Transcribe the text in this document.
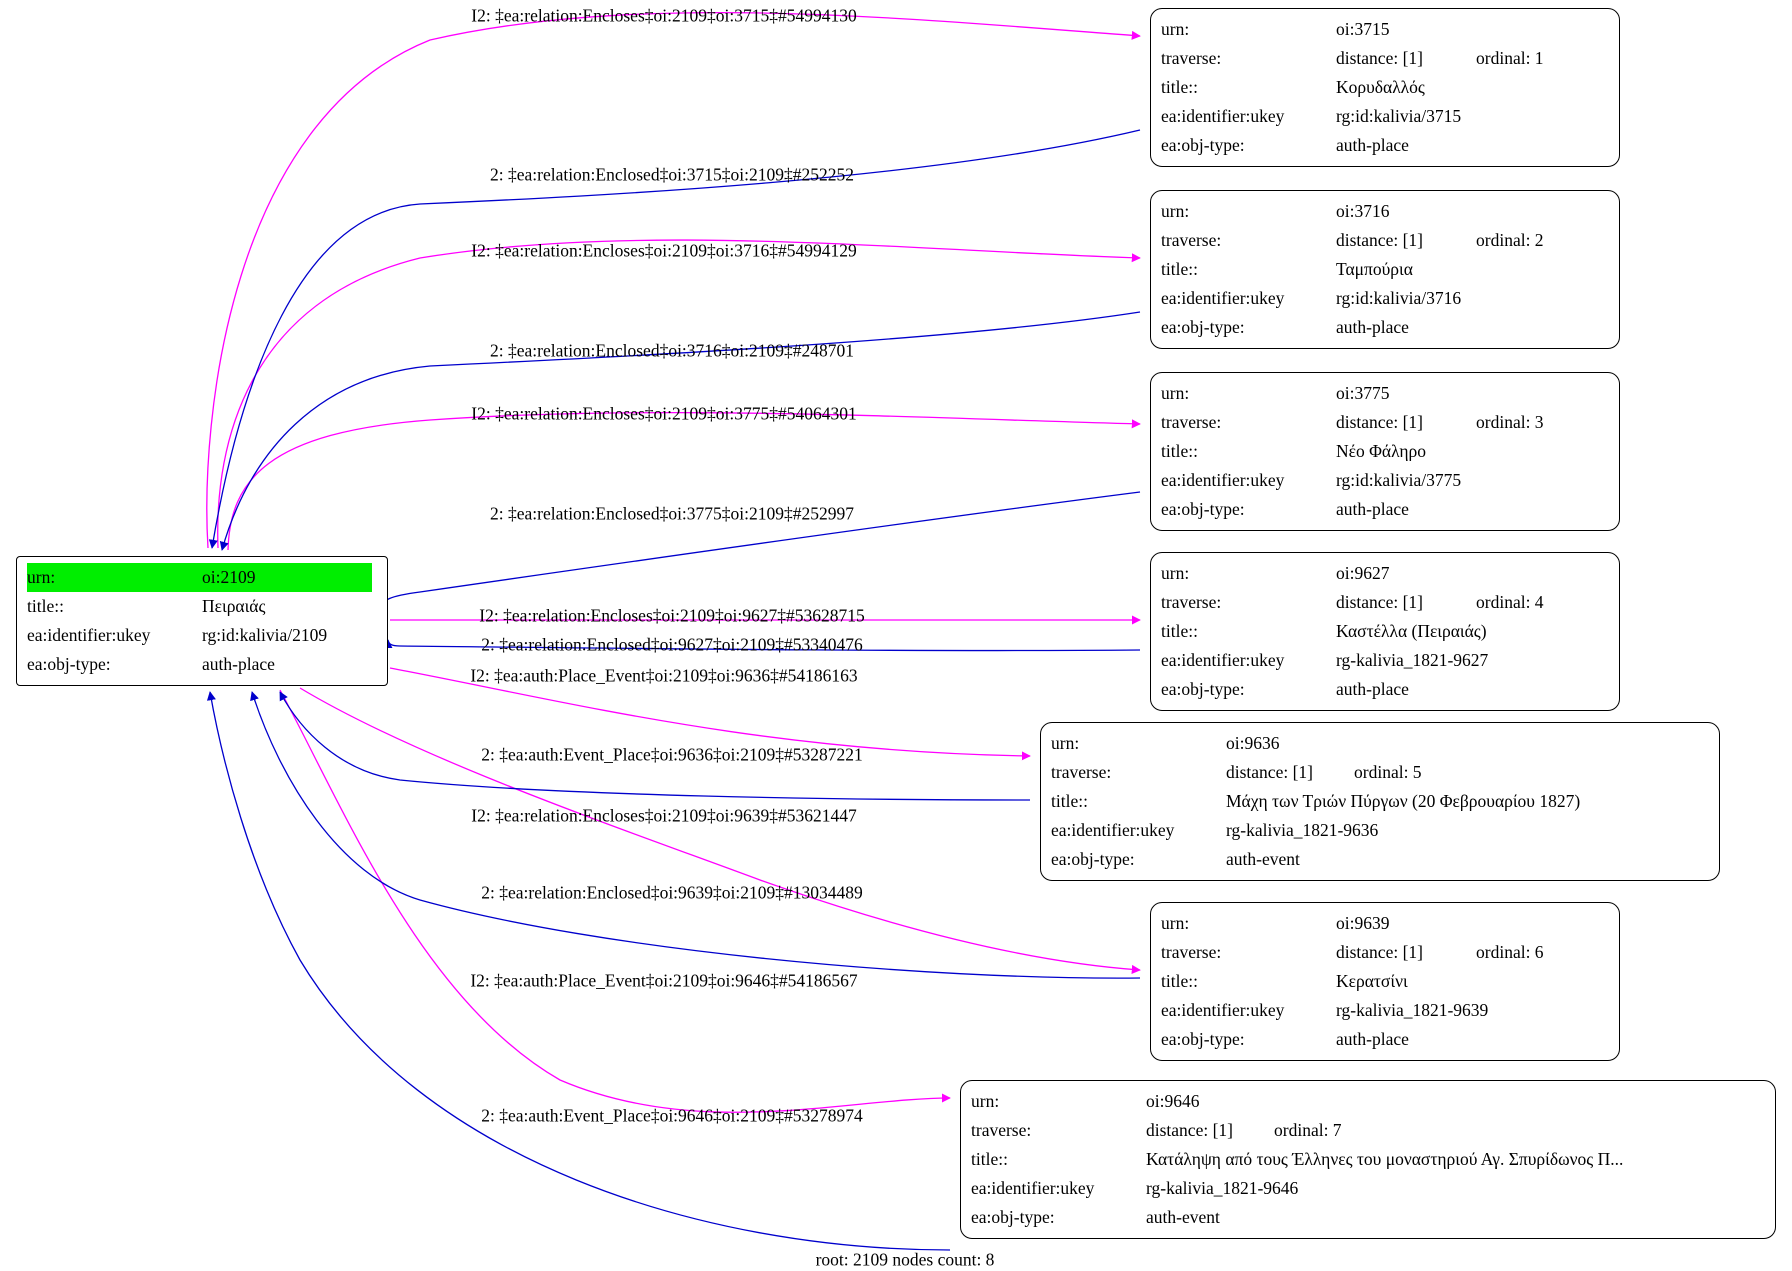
urn:	oi:2109
title::	Πειραιάς
ea:identifier:ukey	rg:id:kalivia/2109
ea:obj-type:	auth-place
urn:	oi:3715
traverse:	distance: [1]	ordinal: 1
title::	Κορυδαλλός
ea:identifier:ukey	rg:id:kalivia/3715
ea:obj-type:	auth-place
urn:	oi:3716
traverse:	distance: [1]	ordinal: 2
title::	Ταμπούρια
ea:identifier:ukey	rg:id:kalivia/3716
ea:obj-type:	auth-place
urn:	oi:3775
traverse:	distance: [1]	ordinal: 3
title::	Νέο Φάληρο
ea:identifier:ukey	rg:id:kalivia/3775
ea:obj-type:	auth-place
urn:	oi:9627
traverse:	distance: [1]	ordinal: 4
title::	Καστέλλα (Πειραιάς)
ea:identifier:ukey	rg-kalivia_1821-9627
ea:obj-type:	auth-place
urn:	oi:9636
traverse:	distance: [1]	ordinal: 5
title::	Μάχη των Τριών Πύργων (20 Φεβρουαρίου 1827)
ea:identifier:ukey	rg-kalivia_1821-9636
ea:obj-type:	auth-event
urn:	oi:9639
traverse:	distance: [1]	ordinal: 6
title::	Κερατσίνι
ea:identifier:ukey	rg-kalivia_1821-9639
ea:obj-type:	auth-place
urn:	oi:9646
traverse:	distance: [1]	ordinal: 7
title::	Κατάληψη από τους Έλληνες του μοναστηριού Αγ. Σπυρίδωνος Π...
ea:identifier:ukey	rg-kalivia_1821-9646
ea:obj-type:	auth-event
I2: ‡ea:relation:Encloses‡oi:2109‡oi:3715‡#54994130
2: ‡ea:relation:Enclosed‡oi:3715‡oi:2109‡#252252
I2: ‡ea:relation:Encloses‡oi:2109‡oi:3716‡#54994129
2: ‡ea:relation:Enclosed‡oi:3716‡oi:2109‡#248701
I2: ‡ea:relation:Encloses‡oi:2109‡oi:3775‡#54064301
2: ‡ea:relation:Enclosed‡oi:3775‡oi:2109‡#252997
I2: ‡ea:relation:Encloses‡oi:2109‡oi:9627‡#53628715
2: ‡ea:relation:Enclosed‡oi:9627‡oi:2109‡#53340476
I2: ‡ea:auth:Place_Event‡oi:2109‡oi:9636‡#54186163
2: ‡ea:auth:Event_Place‡oi:9636‡oi:2109‡#53287221
I2: ‡ea:relation:Encloses‡oi:2109‡oi:9639‡#53621447
2: ‡ea:relation:Enclosed‡oi:9639‡oi:2109‡#13034489
I2: ‡ea:auth:Place_Event‡oi:2109‡oi:9646‡#54186567
2: ‡ea:auth:Event_Place‡oi:9646‡oi:2109‡#53278974
root: 2109 nodes count: 8
